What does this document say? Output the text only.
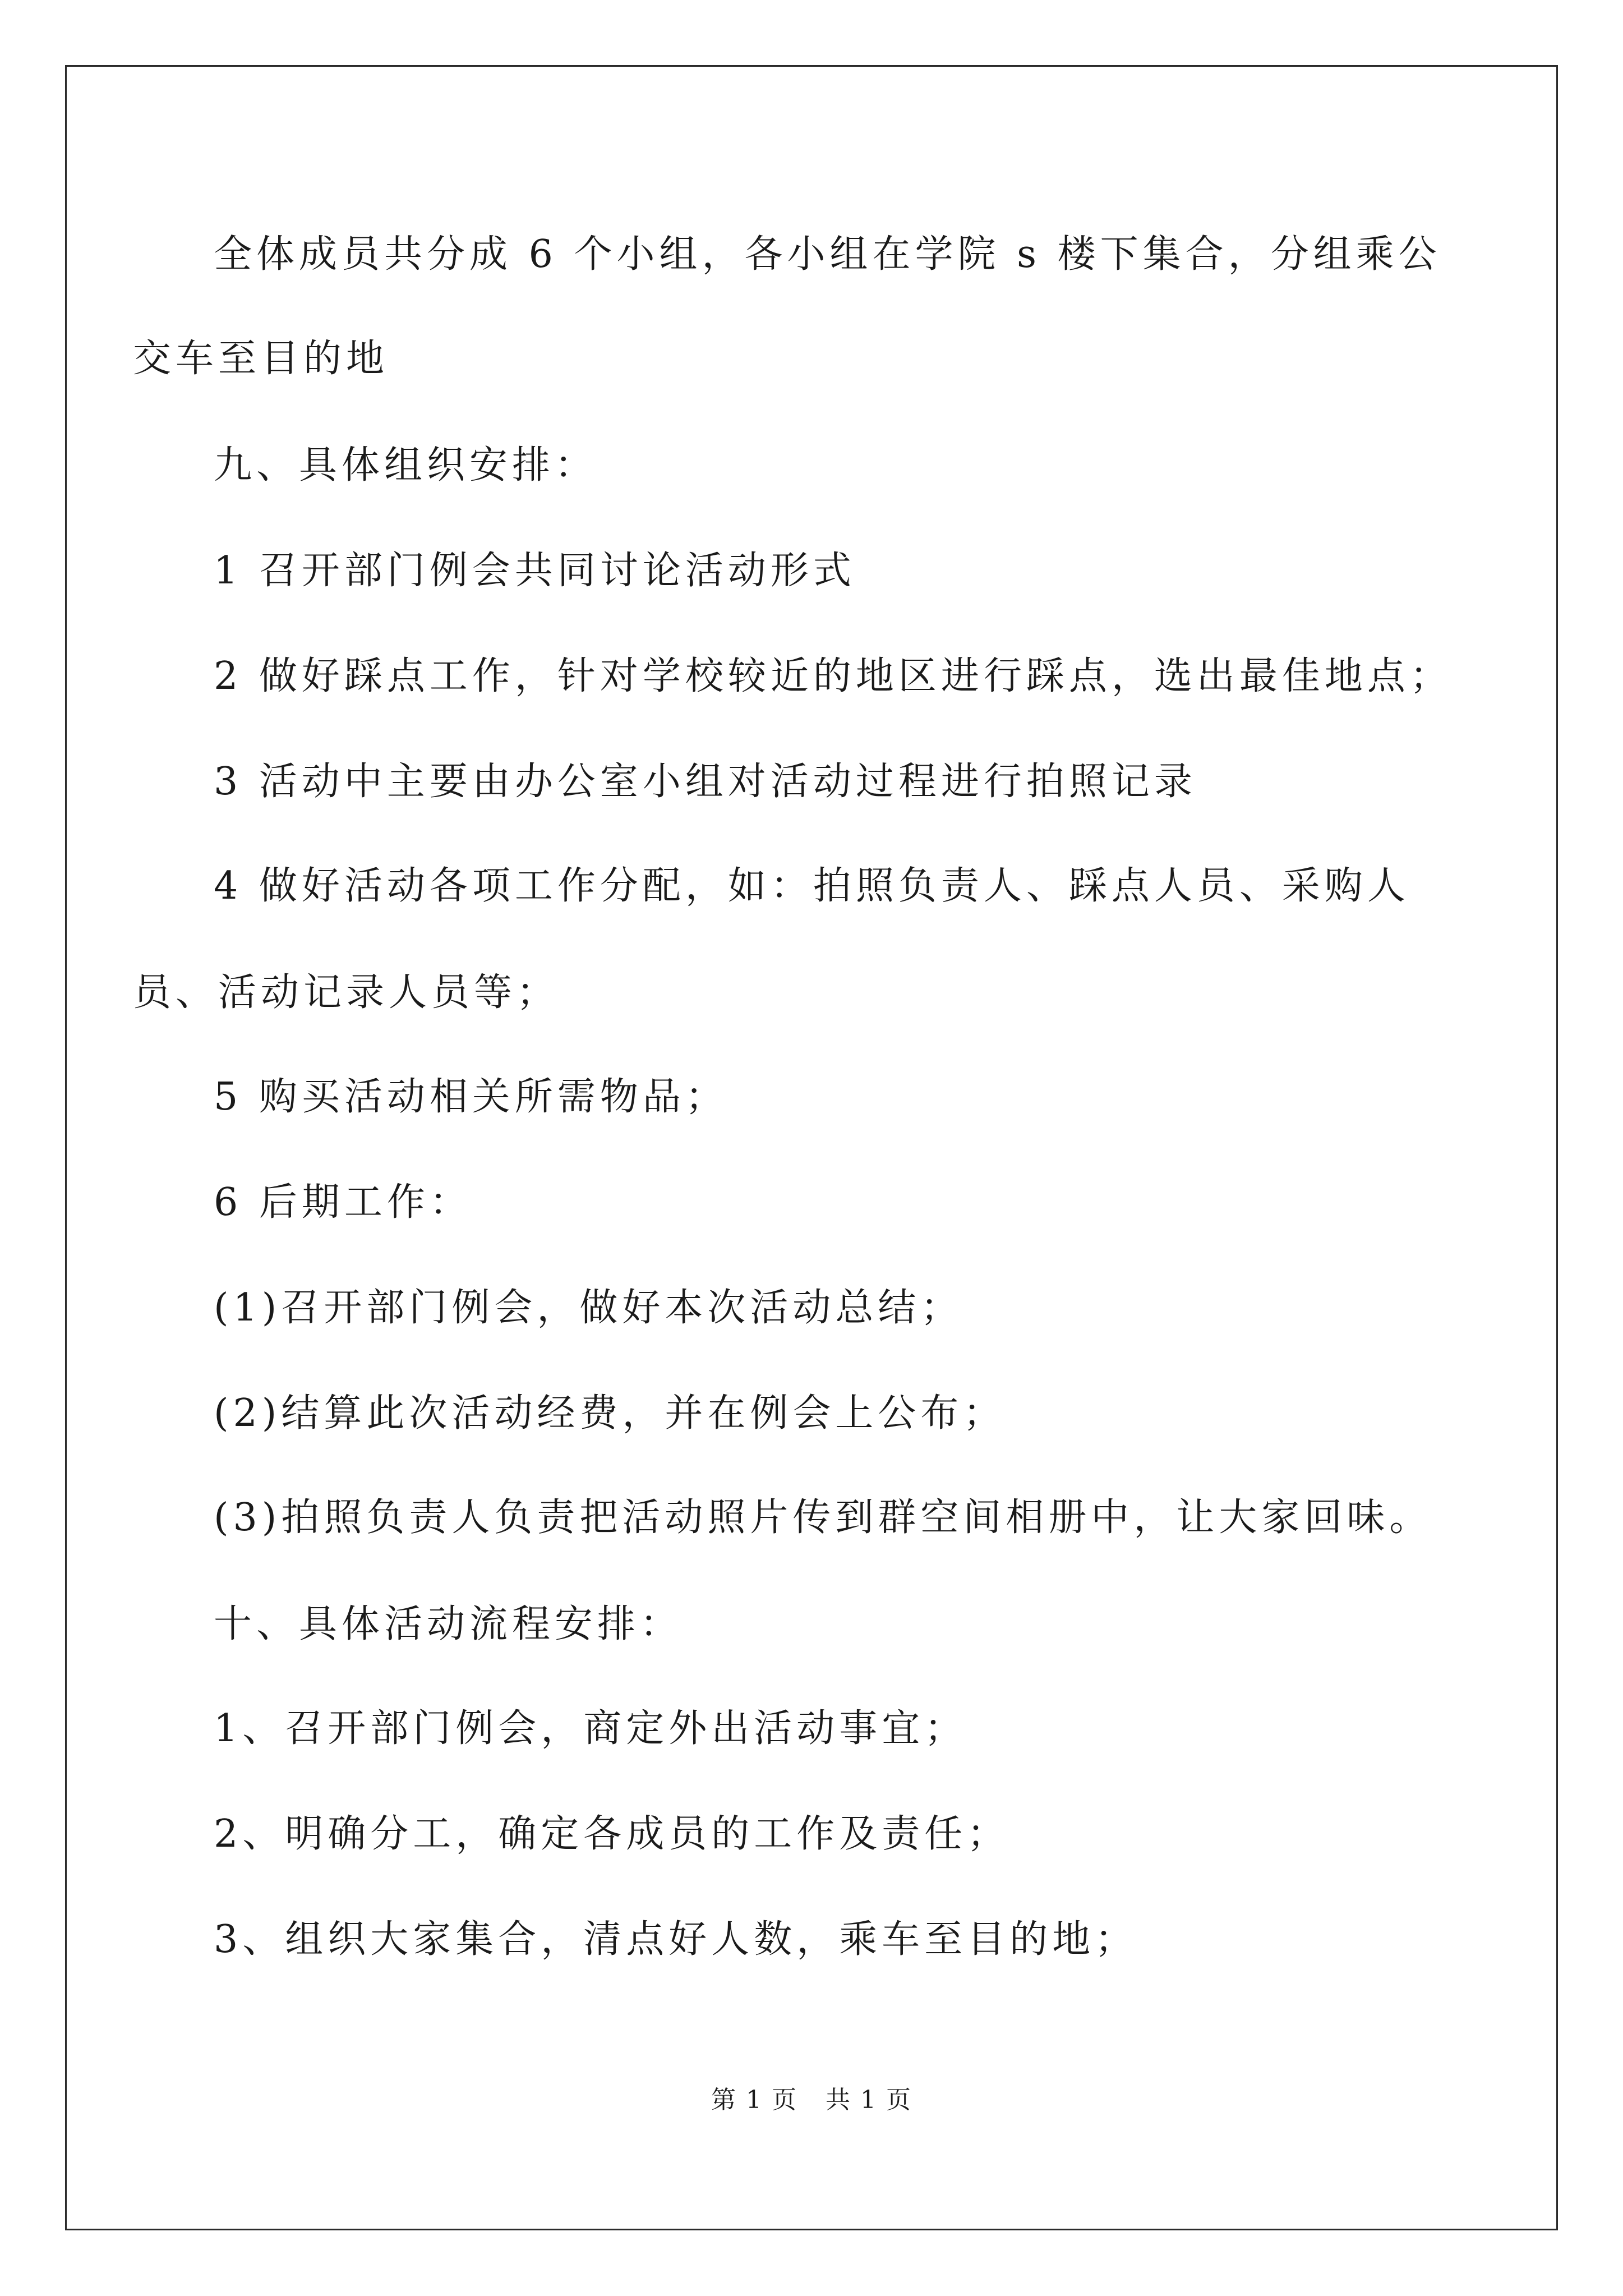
全体成员共分成 6 个小组，各小组在学院 s 楼下集合，分组乘公
交车至目的地
九、具体组织安排：
1 召开部门例会共同讨论活动形式
2 做好踩点工作，针对学校较近的地区进行踩点，选出最佳地点；
3 活动中主要由办公室小组对活动过程进行拍照记录
4 做好活动各项工作分配，如：拍照负责人、踩点人员、采购人
员、活动记录人员等；
5 购买活动相关所需物品；
6 后期工作：
(1)召开部门例会，做好本次活动总结；
(2)结算此次活动经费，并在例会上公布；
(3)拍照负责人负责把活动照片传到群空间相册中，让大家回味。
十、具体活动流程安排：
1、召开部门例会，商定外出活动事宜；
2、明确分工，确定各成员的工作及责任；
3、组织大家集合，清点好人数，乘车至目的地；
第 1 页 共 1 页
